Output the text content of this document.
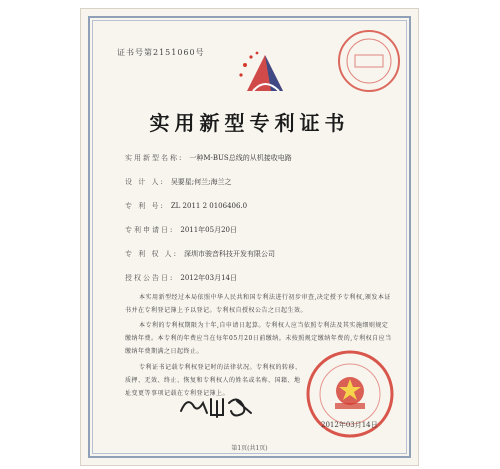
证书号第2151060号
实用新型专利证书
实用新型名称: 一种M-BUS总线的从机接收电路
设 计 人: 吴要星;何兰;海兰之
专 利 号: ZL 2011 2 0106406.0
专利申请日: 2011年05月20日
专 利 权 人: 深圳市骏音科技开发有限公司
授权公告日: 2012年03月14日
本实用新型经过本局依照中华人民共和国专利法进行初步审查,决定授予专利权,颁发本证书并在专利登记簿上予以登记。专利权自授权公告之日起生效。
本专利的专利权期限为十年,自申请日起算。专利权人应当依照专利法及其实施细则规定缴纳年费。本专利的年费应当在每年05月20日前缴纳。未按照规定缴纳年费的,专利权自应当缴纳年费期满之日起终止。
专利证书记载专利权登记时的法律状况。专利权的转移、质押、无效、终止、恢复和专利权人的姓名或名称、国籍、地址变更等事项记载在专利登记簿上。
2012年03月14日
第1页(共1页)
